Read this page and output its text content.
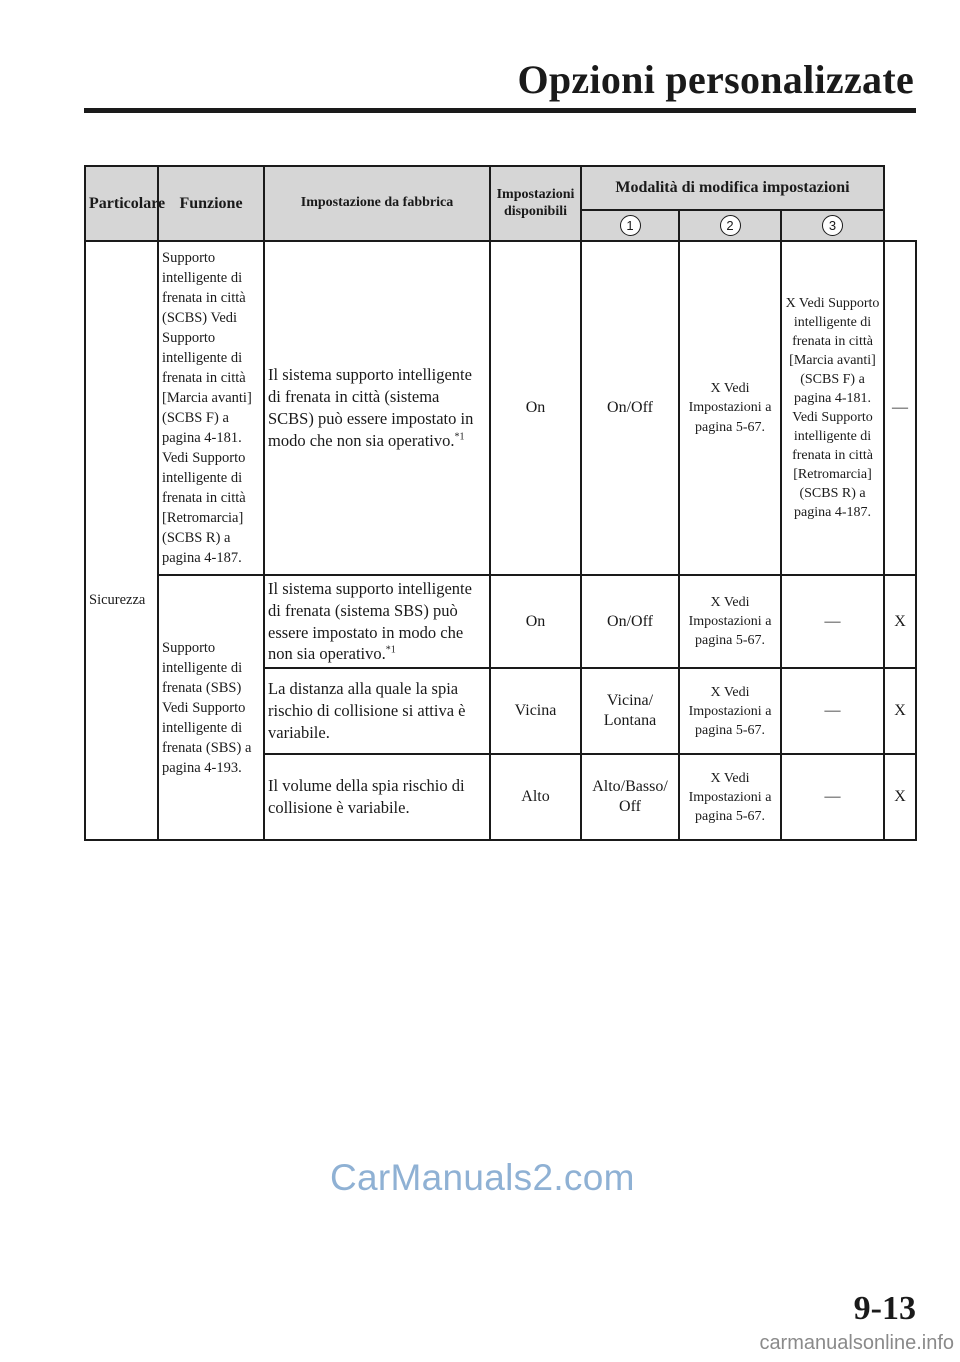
Opzioni personalizzate
Particolare	Funzione	Impostazione da fabbrica	Impostazioni disponibili	Modalità di modifica impostazioni			
				1	2	3	
Sicurezza	Supporto intelligente di frenata in città (SCBS) Vedi Supporto intelligente di frenata in città [Marcia avanti] (SCBS F) a pagina 4-181. Vedi Supporto intelligente di frenata in città [Retromarcia] (SCBS R) a pagina 4-187.	Il sistema supporto intelligente di frenata in città (sistema SCBS) può essere impostato in modo che non sia operativo.$^{*1}$	On	On/Off	X Vedi Impostazioni a pagina 5-67.	X Vedi Supporto intelligente di frenata in città [Marcia avanti] (SCBS F) a pagina 4-181. Vedi Supporto intelligente di frenata in città [Retromarcia] (SCBS R) a pagina 4-187.	—
	Supporto intelligente di frenata (SBS) Vedi Supporto intelligente di frenata (SBS) a pagina 4-193.	Il sistema supporto intelligente di frenata (sistema SBS) può essere impostato in modo che non sia operativo.$^{*1}$	On	On/Off	X Vedi Impostazioni a pagina 5-67.	—	X
		La distanza alla quale la spia rischio di collisione si attiva è variabile.	Vicina	Vicina/ Lontana	X Vedi Impostazioni a pagina 5-67.	—	X
		Il volume della spia rischio di collisione è variabile.	Alto	Alto/Basso/ Off	X Vedi Impostazioni a pagina 5-67.	—	X
CarManuals2.com
9-13
carmanualsonline.info
